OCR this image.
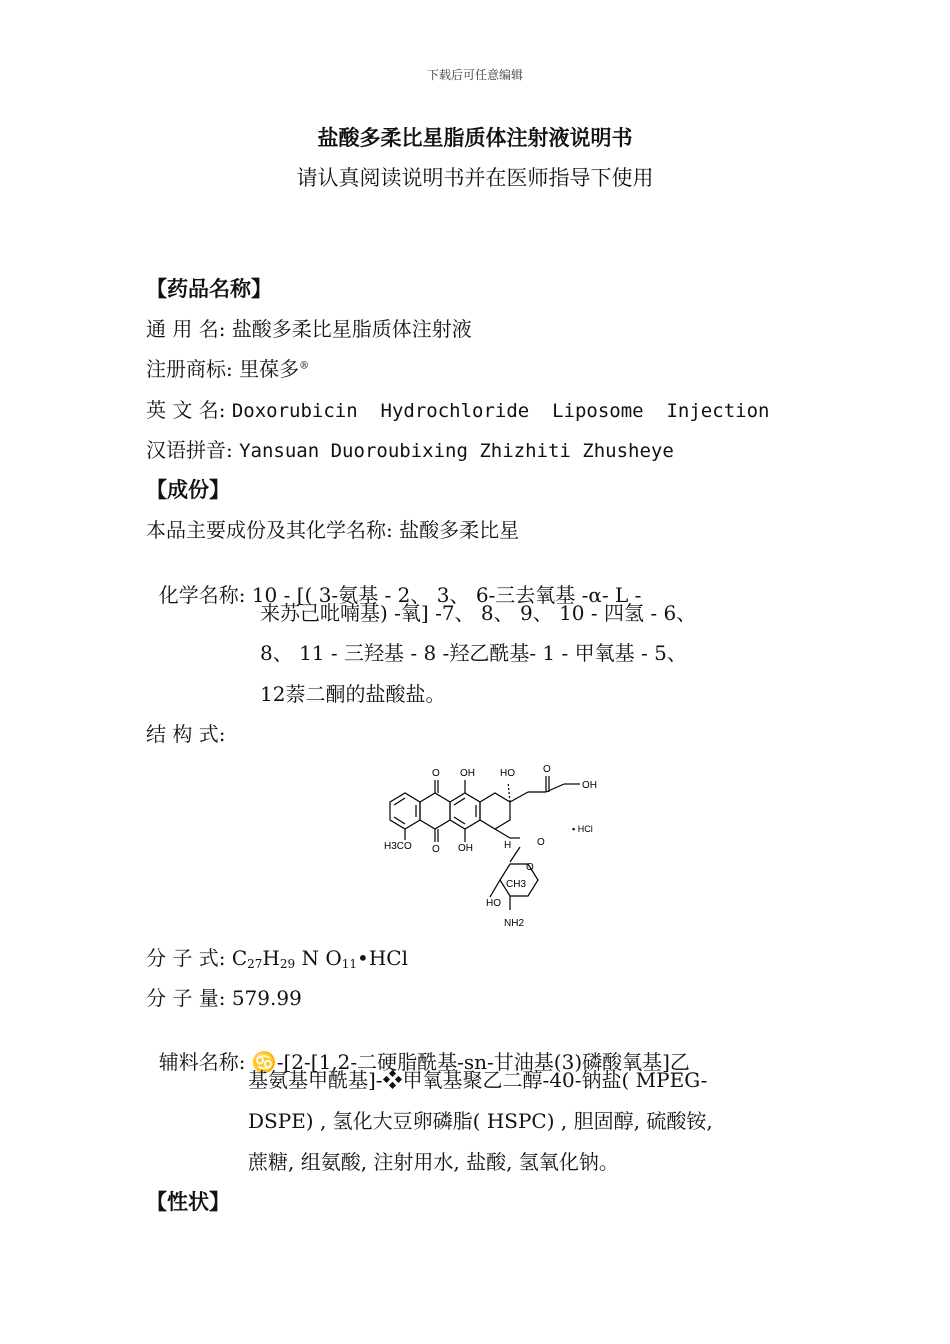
下载后可任意编辑
盐酸多柔比星脂质体注射液说明书
请认真阅读说明书并在医师指导下使用
【药品名称】
通 用 名: 盐酸多柔比星脂质体注射液
注册商标: 里葆多®
英 文 名: Doxorubicin  Hydrochloride  Liposome  Injection
汉语拼音: Yansuan Duoroubixing Zhizhiti Zhusheye
【成份】
本品主要成份及其化学名称: 盐酸多柔比星

化学名称: 10 - [( 3-氨基 - 2、 3、 6-三去氧基 -α- L -

来苏己吡喃基) -氧] -7、 8、 9、 10 - 四氢 - 6、
8、 11 - 三羟基 - 8 -羟乙酰基- 1 - 甲氧基 - 5、
12萘二酮的盐酸盐。
结 构 式:
O OH	HO	O
OH
▪ HCl
H3CO O OH	H	O
O
CH3
HO
NH2
分 子 式: $C_{27}H_{29}$ N $O_{11}•HCl$
分 子 量: 579.99

辅料名称: ♋-[2-[1,2-二硬脂酰基-sn-甘油基(3)磷酸氧基]乙

基氨基甲酰基]-❖甲氧基聚乙二醇-40-钠盐( MPEG-
DSPE) , 氢化大豆卵磷脂( HSPC) , 胆固醇, 硫酸铵,
蔗糖, 组氨酸, 注射用水, 盐酸, 氢氧化钠。
【性状】
